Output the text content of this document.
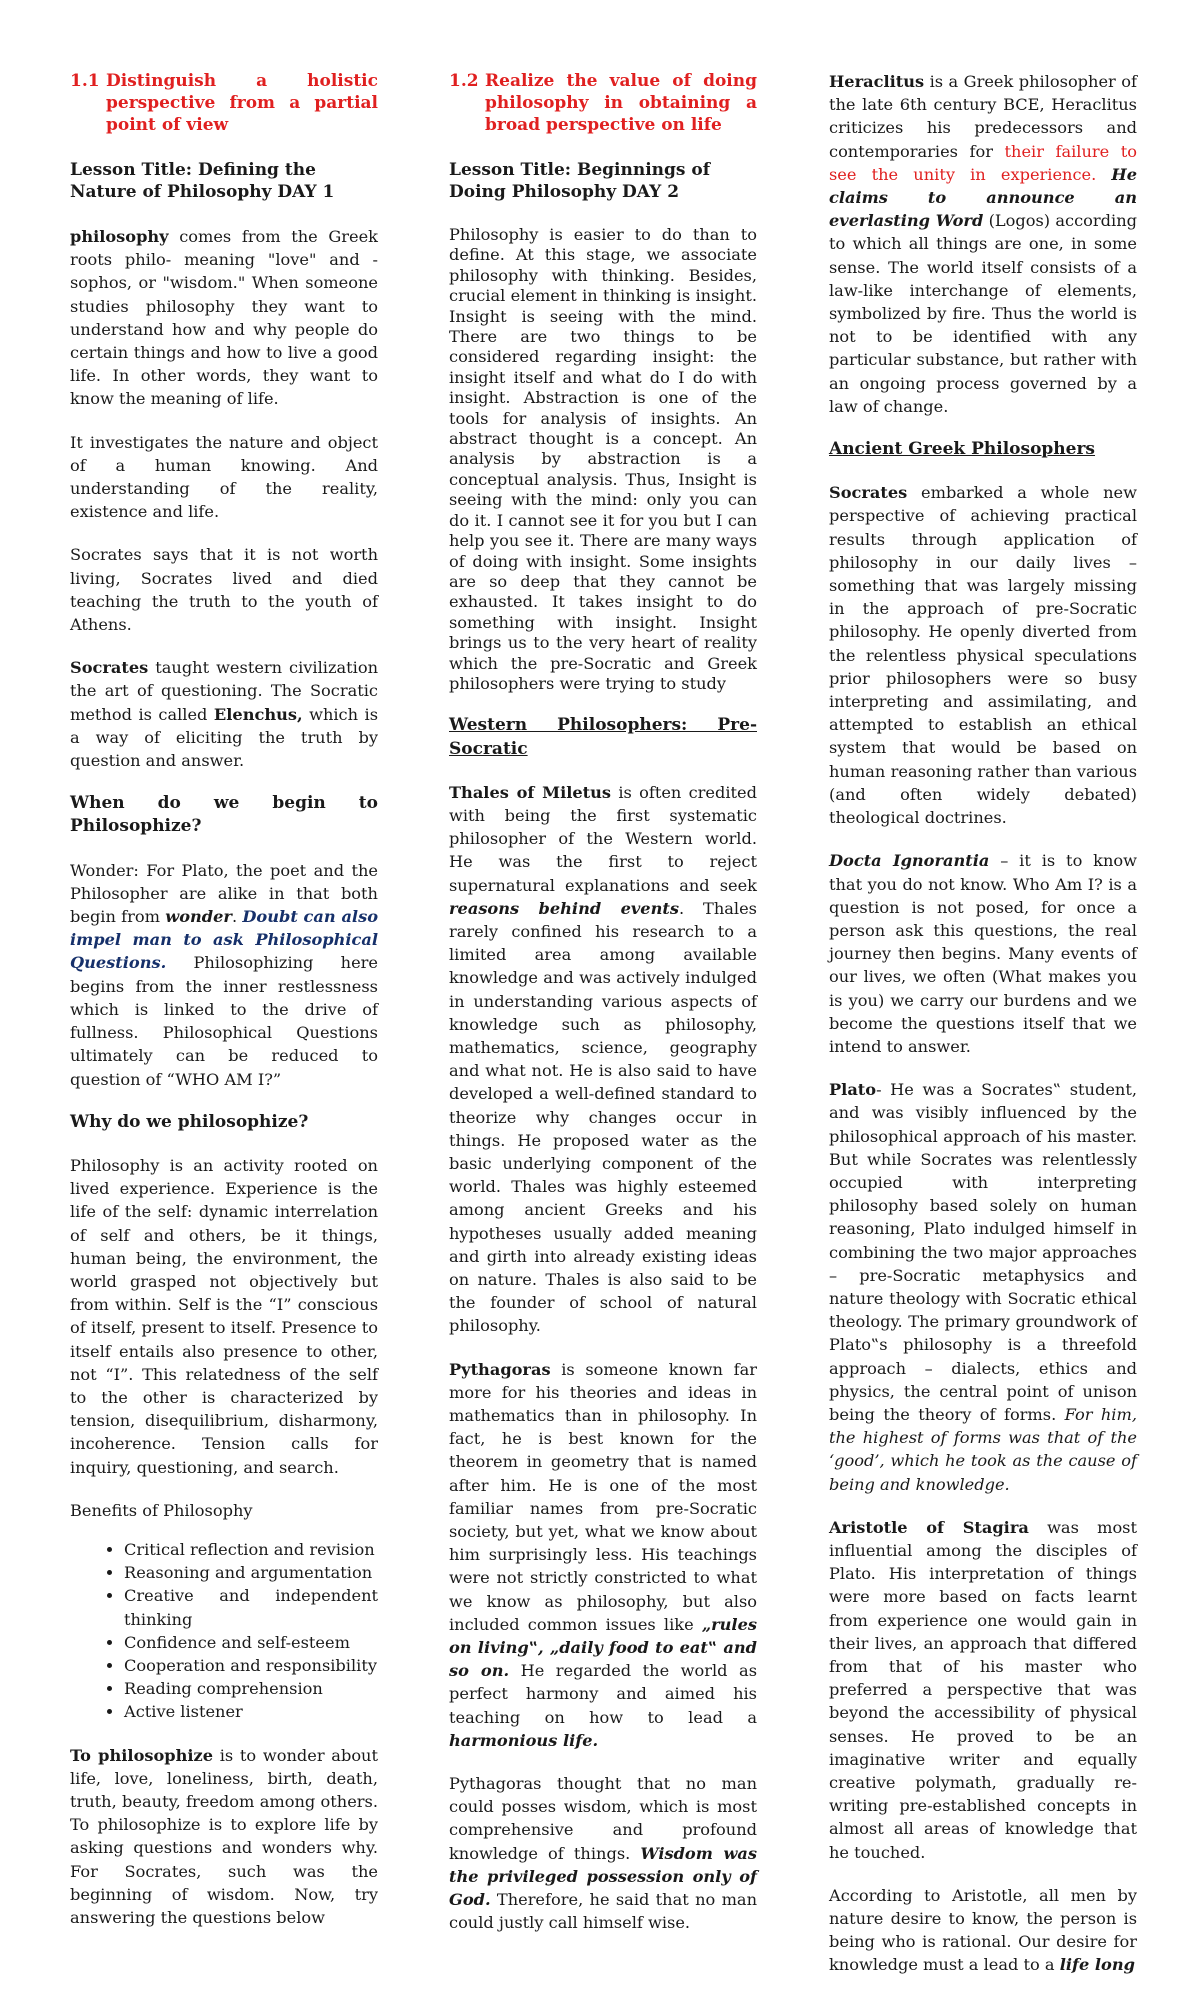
1.1 Distinguish a holistic perspective from a partial point of view
Lesson Title: Defining the Nature of Philosophy DAY 1

philosophy comes from the Greek roots philo- meaning "love" and -sophos, or "wisdom." When someone studies philosophy they want to understand how and why people do certain things and how to live a good life. In other words, they want to know the meaning of life.

It investigates the nature and object of a human knowing. And understanding of the reality, existence and life.

Socrates says that it is not worth living, Socrates lived and died teaching the truth to the youth of Athens.

Socrates taught western civilization the art of questioning. The Socratic method is called Elenchus, which is a way of eliciting the truth by question and answer.

When do we begin to Philosophize?

Wonder: For Plato, the poet and the Philosopher are alike in that both begin from wonder. Doubt can also impel man to ask Philosophical Questions. Philosophizing here begins from the inner restlessness which is linked to the drive of fullness. Philosophical Questions ultimately can be reduced to question of “WHO AM I?”

Why do we philosophize?

Philosophy is an activity rooted on lived experience. Experience is the life of the self: dynamic interrelation of self and others, be it things, human being, the environment, the world grasped not objectively but from within. Self is the “I” conscious of itself, present to itself. Presence to itself entails also presence to other, not “I”. This relatedness of the self to the other is characterized by tension, disequilibrium, disharmony, incoherence. Tension calls for inquiry, questioning, and search.

Benefits of Philosophy

• Critical reflection and revision
• Reasoning and argumentation
• Creative and independent thinking
• Confidence and self-esteem
• Cooperation and responsibility
• Reading comprehension
• Active listener

To philosophize is to wonder about life, love, loneliness, birth, death, truth, beauty, freedom among others. To philosophize is to explore life by asking questions and wonders why. For Socrates, such was the beginning of wisdom. Now, try answering the questions below

1.2 Realize the value of doing philosophy in obtaining a broad perspective on life
Lesson Title: Beginnings of Doing Philosophy DAY 2

Philosophy is easier to do than to define. At this stage, we associate philosophy with thinking. Besides, crucial element in thinking is insight. Insight is seeing with the mind. There are two things to be considered regarding insight: the insight itself and what do I do with insight. Abstraction is one of the tools for analysis of insights. An abstract thought is a concept. An analysis by abstraction is a conceptual analysis. Thus, Insight is seeing with the mind: only you can do it. I cannot see it for you but I can help you see it. There are many ways of doing with insight. Some insights are so deep that they cannot be exhausted. It takes insight to do something with insight. Insight brings us to the very heart of reality which the pre-Socratic and Greek philosophers were trying to study

Western Philosophers: Pre-Socratic

Thales of Miletus is often credited with being the first systematic philosopher of the Western world. He was the first to reject supernatural explanations and seek reasons behind events. Thales rarely confined his research to a limited area among available knowledge and was actively indulged in understanding various aspects of knowledge such as philosophy, mathematics, science, geography and what not. He is also said to have developed a well-defined standard to theorize why changes occur in things. He proposed water as the basic underlying component of the world. Thales was highly esteemed among ancient Greeks and his hypotheses usually added meaning and girth into already existing ideas on nature. Thales is also said to be the founder of school of natural philosophy.

Pythagoras is someone known far more for his theories and ideas in mathematics than in philosophy. In fact, he is best known for the theorem in geometry that is named after him. He is one of the most familiar names from pre-Socratic society, but yet, what we know about him surprisingly less. His teachings were not strictly constricted to what we know as philosophy, but also included common issues like „rules on living‟, „daily food to eat‟ and so on. He regarded the world as perfect harmony and aimed his teaching on how to lead a harmonious life.

Pythagoras thought that no man could posses wisdom, which is most comprehensive and profound knowledge of things. Wisdom was the privileged possession only of God. Therefore, he said that no man could justly call himself wise.

Heraclitus is a Greek philosopher of the late 6th century BCE, Heraclitus criticizes his predecessors and contemporaries for their failure to see the unity in experience. He claims to announce an everlasting Word (Logos) according to which all things are one, in some sense. The world itself consists of a law-like interchange of elements, symbolized by fire. Thus the world is not to be identified with any particular substance, but rather with an ongoing process governed by a law of change.

Ancient Greek Philosophers

Socrates embarked a whole new perspective of achieving practical results through application of philosophy in our daily lives – something that was largely missing in the approach of pre-Socratic philosophy. He openly diverted from the relentless physical speculations prior philosophers were so busy interpreting and assimilating, and attempted to establish an ethical system that would be based on human reasoning rather than various (and often widely debated) theological doctrines.

Docta Ignorantia – it is to know that you do not know. Who Am I? is a question is not posed, for once a person ask this questions, the real journey then begins. Many events of our lives, we often (What makes you is you) we carry our burdens and we become the questions itself that we intend to answer.

Plato- He was a Socrates‟ student, and was visibly influenced by the philosophical approach of his master. But while Socrates was relentlessly occupied with interpreting philosophy based solely on human reasoning, Plato indulged himself in combining the two major approaches – pre-Socratic metaphysics and nature theology with Socratic ethical theology. The primary groundwork of Plato‟s philosophy is a threefold approach – dialects, ethics and physics, the central point of unison being the theory of forms. For him, the highest of forms was that of the ‘good’, which he took as the cause of being and knowledge.

Aristotle of Stagira was most influential among the disciples of Plato. His interpretation of things were more based on facts learnt from experience one would gain in their lives, an approach that differed from that of his master who preferred a perspective that was beyond the accessibility of physical senses. He proved to be an imaginative writer and equally creative polymath, gradually re-writing pre-established concepts in almost all areas of knowledge that he touched.

According to Aristotle, all men by nature desire to know, the person is being who is rational. Our desire for knowledge must a lead to a life long
